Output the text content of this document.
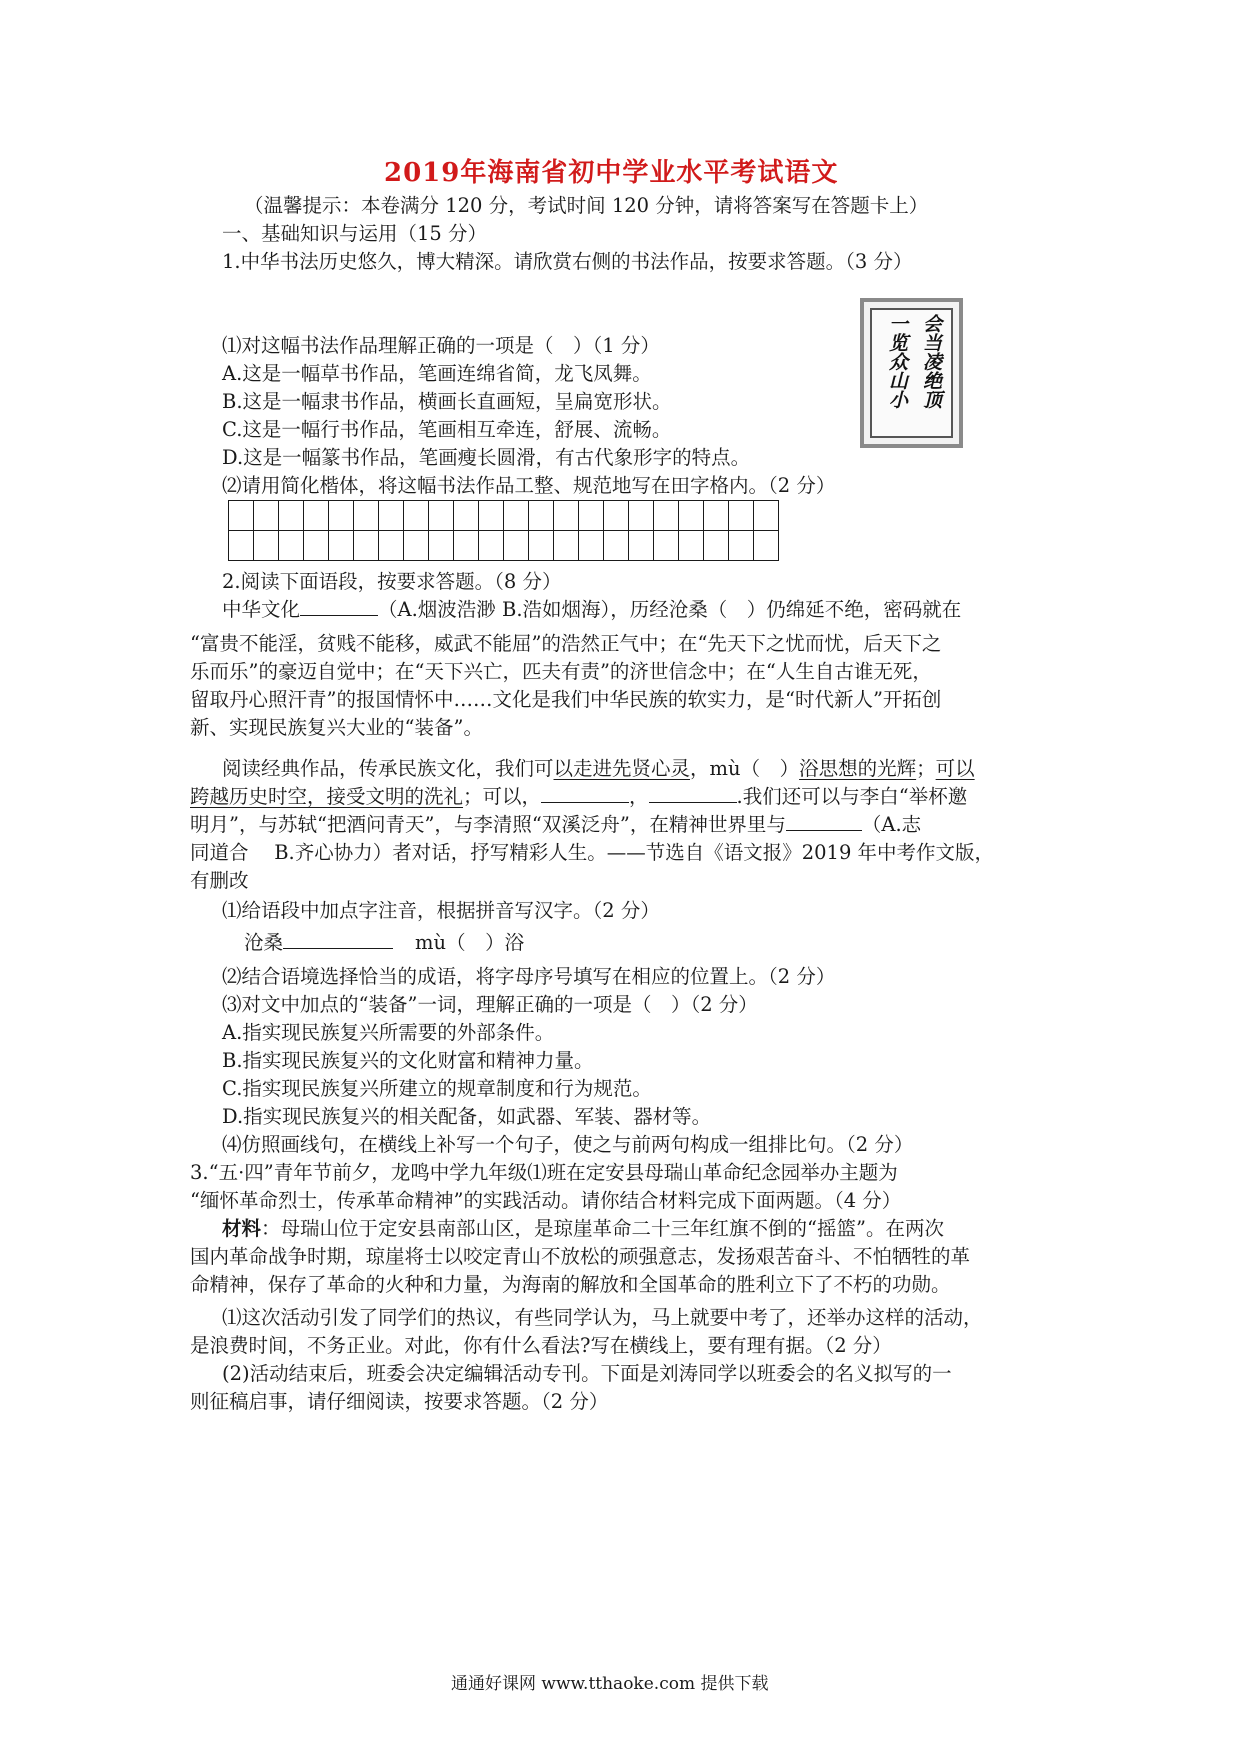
2019年海南省初中学业水平考试语文
（温馨提示：本卷满分 120 分，考试时间 120 分钟，请将答案写在答题卡上）
一、基础知识与运用（15 分）
1.中华书法历史悠久，博大精深。请欣赏右侧的书法作品，按要求答题。（3 分）
会当凌绝顶
一览众山小
⑴对这幅书法作品理解正确的一项是（　）（1 分）
A.这是一幅草书作品，笔画连绵省简，龙飞凤舞。
B.这是一幅隶书作品，横画长直画短，呈扁宽形状。
C.这是一幅行书作品，笔画相互牵连，舒展、流畅。
D.这是一幅篆书作品，笔画瘦长圆滑，有古代象形字的特点。
⑵请用简化楷体，将这幅书法作品工整、规范地写在田字格内。（2 分）

2.阅读下面语段，按要求答题。（8 分）
中华文化	（A.烟波浩渺 B.浩如烟海），历经沧桑（　）仍绵延不绝，密码就在
“富贵不能淫，贫贱不能移，威武不能屈”的浩然正气中；在“先天下之忧而忧，后天下之
乐而乐”的豪迈自觉中；在“天下兴亡，匹夫有责”的济世信念中；在“人生自古谁无死，
留取丹心照汗青”的报国情怀中……文化是我们中华民族的软实力，是“时代新人”开拓创
新、实现民族复兴大业的“装备”。
阅读经典作品，传承民族文化，我们可以走进先贤心灵，mù（　）浴思想的光辉；可以
跨越历史时空，接受文明的洗礼；可以，	，	.我们还可以与李白“举杯邀
明月”，与苏轼“把酒问青天”，与李清照“双溪泛舟”，在精神世界里与	（A.志
同道合　 B.齐心协力）者对话，抒写精彩人生。——节选自《语文报》2019 年中考作文版，
有删改
⑴给语段中加点字注音，根据拼音写汉字。（2 分）
沧桑	mù（　）浴
⑵结合语境选择恰当的成语，将字母序号填写在相应的位置上。（2 分）
⑶对文中加点的“装备”一词，理解正确的一项是（　）（2 分）
A.指实现民族复兴所需要的外部条件。
B.指实现民族复兴的文化财富和精神力量。
C.指实现民族复兴所建立的规章制度和行为规范。
D.指实现民族复兴的相关配备，如武器、军装、器材等。
⑷仿照画线句，在横线上补写一个句子，使之与前两句构成一组排比句。（2 分）
3.“五·四”青年节前夕，龙鸣中学九年级⑴班在定安县母瑞山革命纪念园举办主题为
“缅怀革命烈士，传承革命精神”的实践活动。请你结合材料完成下面两题。（4 分）
材料：母瑞山位于定安县南部山区，是琼崖革命二十三年红旗不倒的“摇篮”。在两次
国内革命战争时期，琼崖将士以咬定青山不放松的顽强意志，发扬艰苦奋斗、不怕牺牲的革
命精神，保存了革命的火种和力量，为海南的解放和全国革命的胜利立下了不朽的功勋。
⑴这次活动引发了同学们的热议，有些同学认为，马上就要中考了，还举办这样的活动，
是浪费时间，不务正业。对此，你有什么看法?写在横线上，要有理有据。（2 分）
(2)活动结束后，班委会决定编辑活动专刊。下面是刘涛同学以班委会的名义拟写的一
则征稿启事，请仔细阅读，按要求答题。（2 分）
通通好课网 www.tthaoke.com 提供下载
